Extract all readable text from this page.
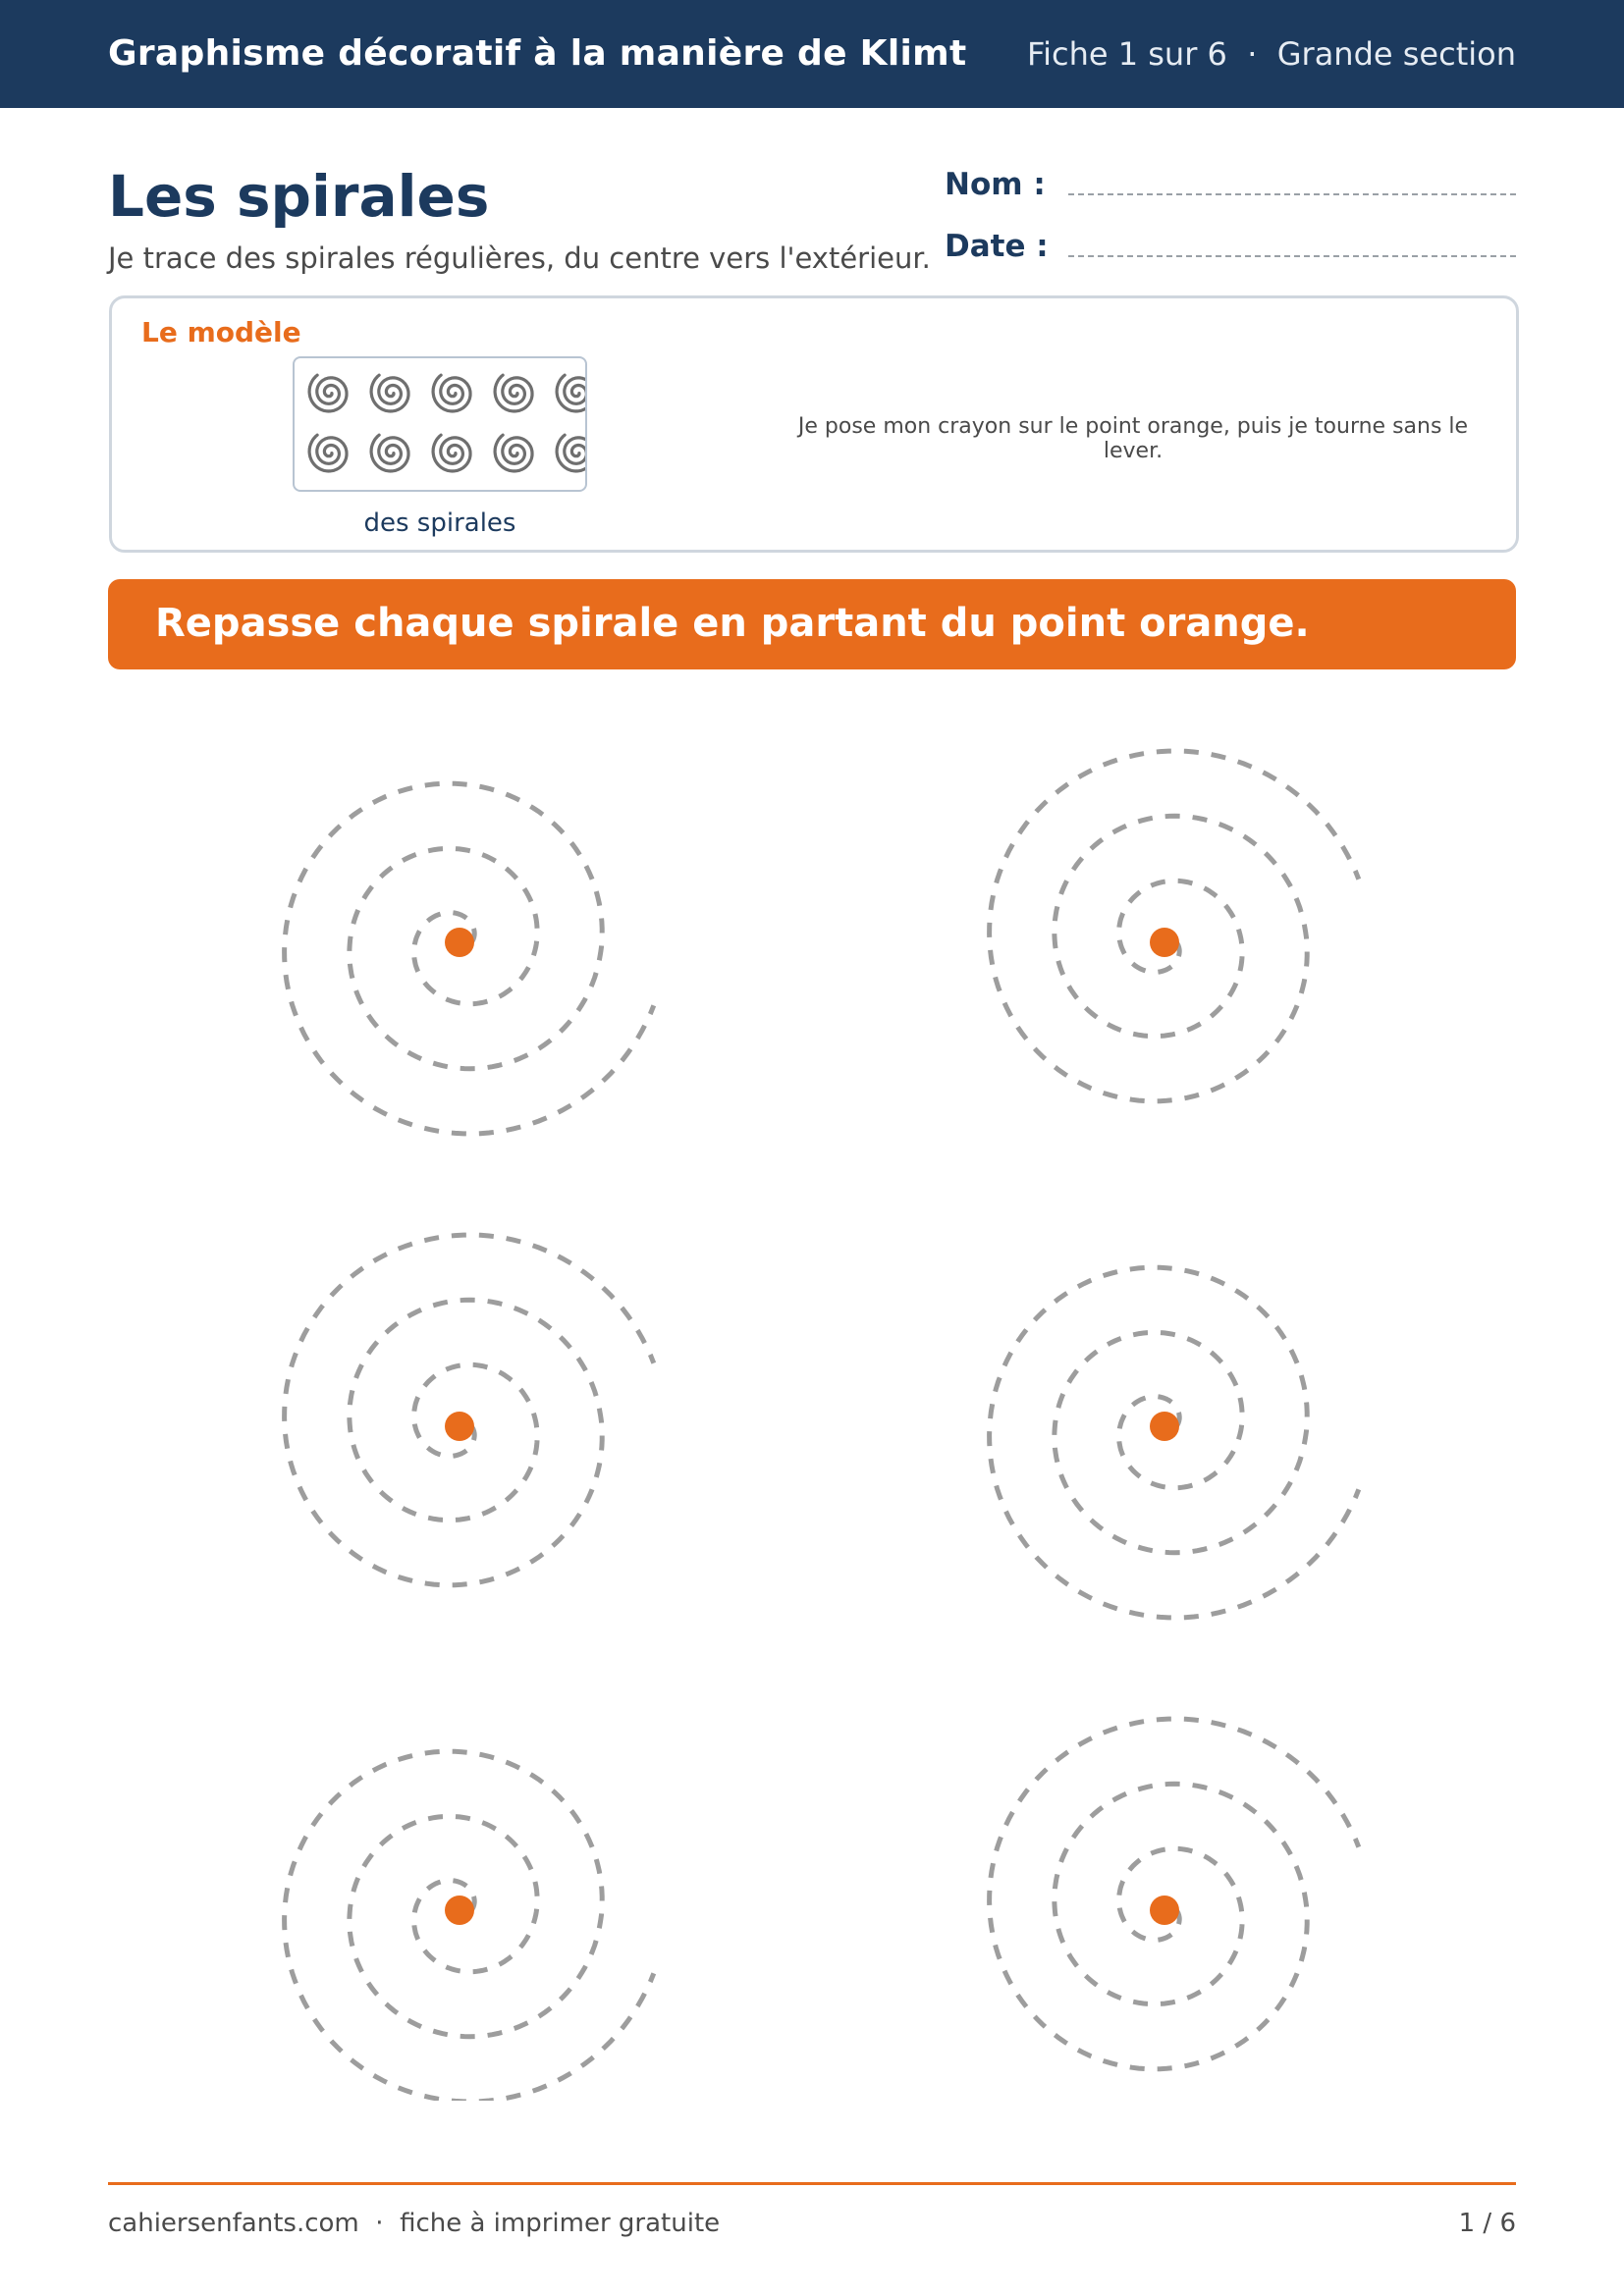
Graphisme décoratif à la manière de Klimt Fiche 1 sur 6  ·  Grande section
Les spirales
Je trace des spirales régulières, du centre vers l'extérieur.
Nom :
Date :
Le modèle
des spirales
Je pose mon crayon sur le point orange, puis je tourne sans le lever.
Repasse chaque spirale en partant du point orange.
cahiersenfants.com  ·  fiche à imprimer gratuite	1 / 6
